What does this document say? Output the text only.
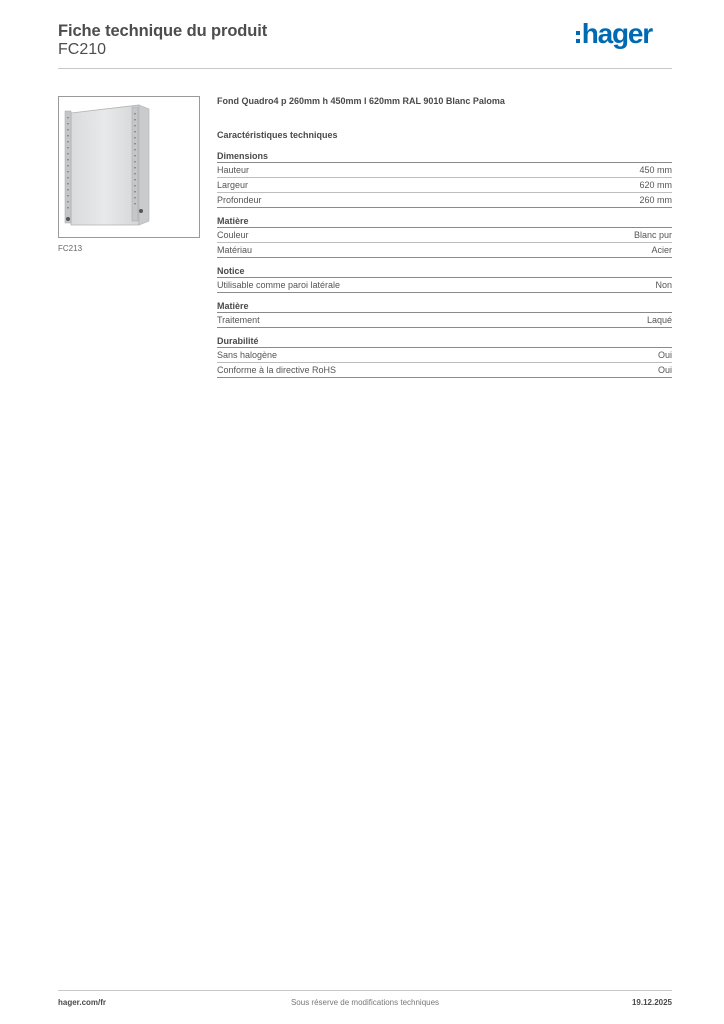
Fiche technique du produit
FC210
hager
FC213
Fond Quadro4 p 260mm h 450mm l 620mm RAL 9010 Blanc Paloma
Caractéristiques techniques
Dimensions
Hauteur	450 mm
Largeur	620 mm
Profondeur	260 mm
Matière
Couleur	Blanc pur
Matériau	Acier
Notice
Utilisable comme paroi latérale	Non
Matière
Traitement	Laqué
Durabilité
Sans halogène	Oui
Conforme à la directive RoHS	Oui
hager.com/fr	Sous réserve de modifications techniques	19.12.2025
